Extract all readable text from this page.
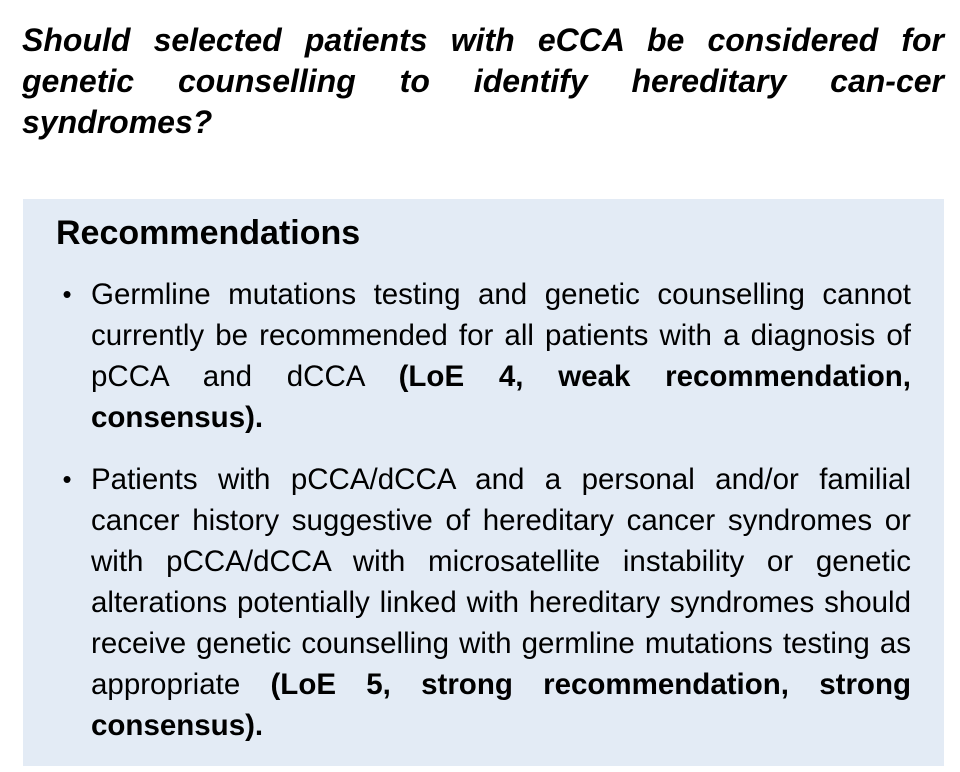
Should selected patients with eCCA be considered for genetic counselling to identify hereditary can-cer syndromes?

Recommendations
• Germline mutations testing and genetic counselling cannot currently be recommended for all patients with a diagnosis of pCCA and dCCA (LoE 4, weak recommendation, consensus).
• Patients with pCCA/dCCA and a personal and/or familial cancer history suggestive of hereditary cancer syndromes or with pCCA/dCCA with microsatellite instability or genetic alterations potentially linked with hereditary syndromes should receive genetic counselling with germline mutations testing as appropriate (LoE 5, strong recommendation, strong consensus).
